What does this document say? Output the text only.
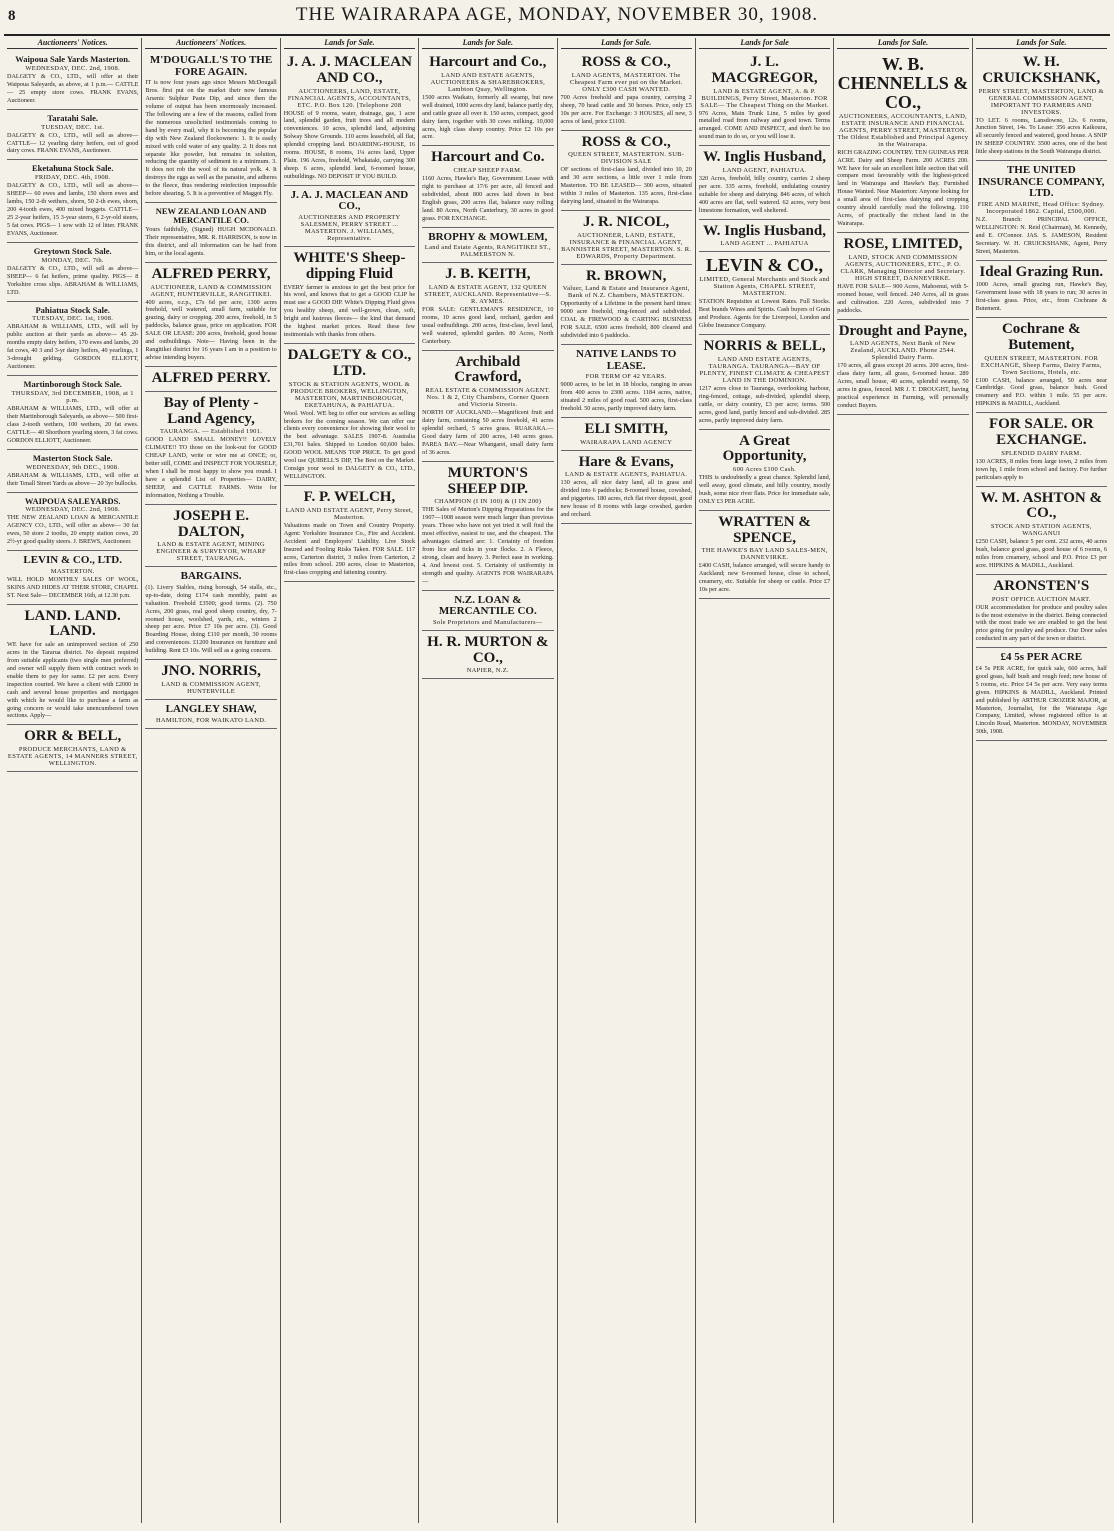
8	THE WAIRARAPA AGE, MONDAY, NOVEMBER 30, 1908.
Auctioneers' Notices.
Waipoua Sale Yards Masterton.
WEDNESDAY, DEC. 2nd, 1908.

DALGETY & CO., LTD., will offer at their Waipoua Saleyards, as above, at 1 p.m.— CATTLE— 25 empty store cows. FRANK EVANS, Auctioneer.

Taratahi Sale.
TUESDAY, DEC. 1st.

DALGETY & CO., LTD., will sell as above— CATTLE— 12 yearling dairy heifers, out of good dairy cows. FRANK EVANS, Auctioneer.

Eketahuna Stock Sale.
FRIDAY, DEC. 4th, 1908.

DALGETY & CO., LTD., will sell as above— SHEEP— 60 ewes and lambs, 150 shorn ewes and lambs, 150 2-th wethers, shorn, 50 2-th ewes, shorn, 200 4-tooth ewes, 400 mixed hoggets. CATTLE— 25 2-year heifers, 15 3-year steers, 6 2-yr-old steers, 5 fat cows. PIGS— 1 sow with 12 of litter. FRANK EVANS, Auctioneer.

Greytown Stock Sale.
MONDAY, DEC. 7th.

DALGETY & CO., LTD., will sell as above— SHEEP— 6 fat heifers, prime quality. PIGS— 8 Yorkshire cross slips. ABRAHAM & WILLIAMS, LTD.

Pahiatua Stock Sale.
TUESDAY, DEC. 1st, 1908.

ABRAHAM & WILLIAMS, LTD., will sell by public auction at their yards as above— 45 20-months empty dairy heifers, 170 ewes and lambs, 20 fat cows, 40 3 and 3-yr dairy heifers, 40 yearlings, 1 3-drought gelding. GORDON ELLIOTT, Auctioneer.

Martinborough Stock Sale.
THURSDAY, 3rd DECEMBER, 1908, at 1 p.m.

ABRAHAM & WILLIAMS, LTD., will offer at their Martinborough Saleyards, as above— 500 first-class 2-tooth wethers, 100 wethers, 20 fat ewes. CATTLE— 40 Shorthorn yearling steers, 3 fat cows. GORDON ELLIOTT, Auctioneer.

Masterton Stock Sale.
WEDNESDAY, 9th DEC., 1908.

ABRAHAM & WILLIAMS, LTD., will offer at their Tenall Street Yards as above— 20 3yr bullocks.

WAIPOUA SALEYARDS.
WEDNESDAY, DEC. 2nd, 1908.

THE NEW ZEALAND LOAN & MERCANTILE AGENCY CO., LTD., will offer as above— 30 fat ewes, 50 store 2 tooths, 20 empty station cows, 20 2½-yr good quality steers. J. BREWS, Auctioneer.

LEVIN & CO., LTD.
MASTERTON.

WILL HOLD MONTHLY SALES OF WOOL, SKINS AND HIDES AT THEIR STORE, CHAPEL ST. Next Sale— DECEMBER 16th, at 12.30 p.m.

LAND. LAND. LAND.

WE have for sale an unimproved section of 250 acres in the Tararua district. No deposit required from suitable applicants (two single men preferred) and owner will supply them with contract work to enable them to pay for same. £2 per acre. Every inspection courted. We have a client with £2000 in cash and several house properties and mortgages with which he would like to purchase a farm as going concern or would take unencumbered town sections. Apply—

ORR & BELL,
PRODUCE MERCHANTS, LAND & ESTATE AGENTS, 14 MANNERS STREET, WELLINGTON.
Auctioneers' Notices.
M'DOUGALL'S TO THE FORE AGAIN.

IT is now four years ago since Messrs McDougall Bros. first put on the market their now famous Arsenic Sulphur Paste Dip, and since then the volume of output has been enormously increased. The following are a few of the reasons, culled from the numerous unsolicited testimonials coming to hand by every mail, why it is becoming the popular dip with New Zealand flockowners: 1. It is easily mixed with cold water of any quality. 2. It does not separate like powder, but remains in solution, reducing the quantity of sediment to a minimum. 3. It does not rob the wool of its natural yolk. 4. It destroys the eggs as well as the parasite, and adheres to the fleece, thus rendering reinfection impossible before shearing. 5. It is a preventive of Maggot Fly.

NEW ZEALAND LOAN AND MERCANTILE CO.

Yours faithfully, (Signed) HUGH MCDONALD. Their representative, MR. R. HARRISON, is now in this district, and all information can be had from him, or the local agents.

ALFRED PERRY,
AUCTIONEER, LAND & COMMISSION AGENT, HUNTERVILLE, RANGITIKEI.

400 acres, o.r.p., £7s 6d per acre, 1300 acres freehold, well watered, small farm, suitable for grazing, dairy or cropping. 200 acres, freehold, in 5 paddocks, balance grass, price on application. FOR SALE OR LEASE: 200 acres, freehold, good house and outbuildings. Note— Having been in the Rangitikei district for 16 years I am in a position to advise intending buyers.

ALFRED PERRY.
Bay of Plenty - Land Agency,
TAURANGA. — Established 1901.

GOOD LAND! SMALL MONEY!! LOVELY CLIMATE!! TO those on the look-out for GOOD CHEAP LAND, write or wire me at ONCE; or, better still, COME and INSPECT FOR YOURSELF, when I shall be most happy to show you round. I have a splendid List of Properties— DAIRY, SHEEP, and CATTLE FARMS. Write for information, Nothing a Trouble.

JOSEPH E. DALTON,
LAND & ESTATE AGENT, MINING ENGINEER & SURVEYOR, WHARF STREET, TAURANGA.
BARGAINS.

(1). Livery Stables, rising borough, 54 stalls, etc., up-to-date, doing £174 cash monthly, paint as valuation. Freehold £3500; good terms. (2). 750 Acres, 200 grass, real good sheep country, dry, 7-roomed house, woolshed, yards, etc., winters 2 sheep per acre. Price £7 10s per acre. (3). Good Boarding House, doing £110 per month, 30 rooms and conveniences. £1200 Insurance on furniture and building. Rent £3 10s. Will sell as a going concern.

JNO. NORRIS,
LAND & COMMISSION AGENT, HUNTERVILLE
LANGLEY SHAW,
HAMILTON, FOR WAIKATO LAND.
Lands for Sale.
J. A. J. MACLEAN AND CO.,
AUCTIONEERS, LAND, ESTATE, FINANCIAL AGENTS, ACCOUNTANTS, ETC. P.O. Box 120. [Telephone 208

HOUSE of 9 rooms, water, drainage, gas, 1 acre land, splendid garden, fruit trees and all modern conveniences. 10 acres, splendid land, adjoining Solway Show Grounds. 110 acres leasehold, all flat, splendid cropping land. BOARDING-HOUSE, 16 rooms. HOUSE, 8 rooms, 1¼ acres land, Upper Plain. 196 Acres, freehold, Whakataki, carrying 300 sheep. 6 acres, splendid land, 6-roomed house, outbuildings. NO DEPOSIT IF YOU BUILD.

J. A. J. MACLEAN AND CO.,
AUCTIONEERS AND PROPERTY SALESMEN, PERRY STREET ... MASTERTON. J. WILLIAMS, Representative.
WHITE'S Sheep-dipping Fluid

EVERY farmer is anxious to get the best price for his wool, and knows that to get a GOOD CLIP he must use a GOOD DIP. White's Dipping Fluid gives you healthy sheep, and well-grown, clean, soft, bright and lustrous fleeces— the kind that demand the highest market prices. Read these few testimonials with thanks from others.

DALGETY & CO., LTD.
STOCK & STATION AGENTS, WOOL & PRODUCE BROKERS, WELLINGTON, MASTERTON, MARTINBOROUGH, EKETAHUNA, & PAHIATUA.

Wool. Wool. WE beg to offer our services as selling brokers for the coming season. We can offer our clients every convenience for showing their wool to the best advantage. SALES 1907-8. Australia £31,701 bales. Shipped to London 60,600 bales. GOOD WOOL MEANS TOP PRICE. To get good wool use QUIBELL'S DIP, The Best on the Market. Consign your wool to DALGETY & CO., LTD., WELLINGTON.

F. P. WELCH,
LAND AND ESTATE AGENT, Perry Street, Masterton.

Valuations made on Town and Country Property. Agent: Yorkshire Insurance Co., Fire and Accident. Accident and Employers' Liability. Live Stock Insured and Fooling Risks Taken. FOR SALE. 117 acres, Carterton district, 3 miles from Carterton, 2 miles from school. 290 acres, close to Masterton, first-class cropping and fattening country.

Lands for Sale.
Harcourt and Co.,
LAND AND ESTATE AGENTS, AUCTIONEERS & SHAREBROKERS, Lambton Quay, Wellington.

1500 acres Waikato, formerly all swamp, but now well drained, 1000 acres dry land, balance partly dry, and cattle graze all over it. 150 acres, compact, good dairy farm, together with 30 cows milking. 10,000 acres, high class sheep country. Price £2 10s per acre.

Harcourt and Co.
CHEAP SHEEP FARM.

1160 Acres, Hawke's Bay, Government Lease with right to purchase at 17/6 per acre, all fenced and subdivided, about 800 acres laid down in best English grass, 200 acres flat, balance easy rolling land. 80 Acres, North Canterbury, 30 acres in good grass. FOR EXCHANGE.

BROPHY & MOWLEM,
Land and Estate Agents, RANGITIKEI ST., PALMERSTON N.
J. B. KEITH,
LAND & ESTATE AGENT, 132 QUEEN STREET, AUCKLAND. Representative—S. R. AYMES.

FOR SALE: GENTLEMAN'S RESIDENCE, 10 rooms, 10 acres good land, orchard, garden and usual outbuildings. 200 acres, first-class, level land, well watered, splendid garden. 80 Acres, North Canterbury.

Archibald Crawford,
REAL ESTATE & COMMISSION AGENT. Nos. 1 & 2, City Chambers, Corner Queen and Victoria Streets.

NORTH OF AUCKLAND.—Magnificent fruit and dairy farm, containing 50 acres freehold, 41 acres splendid orchard, 5 acres grass. RUAKAKA.—Good dairy farm of 200 acres, 140 acres grass. PAREA BAY.—Near Whangarei, small dairy farm of 36 acres.

MURTON'S SHEEP DIP.
CHAMPION (I IN 100) & (I IN 200)

THE Sales of Murton's Dipping Preparations for the 1907—1908 season were much larger than previous years. Those who have not yet tried it will find the most effective, easiest to use, and the cheapest. The advantages claimed are: 1. Certainty of freedom from lice and ticks in your flocks. 2. A Fleece, strong, clean and heavy. 3. Perfect ease in working. 4. And lowest cost. 5. Certainty of uniformity in strength and quality. AGENTS FOR WAIRARAPA—

N.Z. LOAN & MERCANTILE CO.
Sole Proprietors and Manufacturers—
H. R. MURTON & CO.,
NAPIER, N.Z.
Lands for Sale.
ROSS & CO.,
LAND AGENTS, MASTERTON. The Cheapest Farm ever put on the Market. ONLY £300 CASH WANTED.

700 Acres freehold and papa country, carrying 2 sheep, 70 head cattle and 30 horses. Price, only £5 10s per acre. For Exchange: 3 HOUSES, all new, 3 acres of land, price £1100.

ROSS & CO.,
QUEEN STREET, MASTERTON. SUB-DIVISION SALE

OF sections of first-class land, divided into 10, 20 and 30 acre sections, a little over 1 mile from Masterton. TO BE LEASED— 300 acres, situated within 3 miles of Masterton. 135 acres, first-class dairying land, situated in the Wairarapa.

J. R. NICOL,
AUCTIONEER, LAND, ESTATE, INSURANCE & FINANCIAL AGENT, BANNISTER STREET, MASTERTON. S. R. EDWARDS, Property Department.
R. BROWN,
Valuer, Land & Estate and Insurance Agent, Bank of N.Z. Chambers, MASTERTON.

Opportunity of a Lifetime in the present hard times: 9000 acre freehold, ring-fenced and subdivided. COAL & FIREWOOD & CARTING BUSINESS FOR SALE. 6500 acres freehold, 800 cleared and subdivided into 6 paddocks.

NATIVE LANDS TO LEASE.
FOR TERM OF 42 YEARS.

9000 acres, to be let in 18 blocks, ranging in areas from 400 acres to 2300 acres. 1184 acres, native, situated 2 miles of good road. 500 acres, first-class freehold. 50 acres, partly improved dairy farm.

ELI SMITH,
WAIRARAPA LAND AGENCY
Hare & Evans,
LAND & ESTATE AGENTS, PAHIATUA.

130 acres, all nice dairy land, all in grass and divided into 6 paddocks; 8-roomed house, cowshed, and piggeries. 180 acres, rich flat river deposit, good new house of 8 rooms with large cowshed, garden and orchard.

Lands for Sale
J. L. MACGREGOR,
LAND & ESTATE AGENT, A. & P. BUILDINGS, Perry Street, Masterton. FOR SALE— The Cheapest Thing on the Market.

976 Acres, Main Trunk Line, 5 miles by good metalled road from railway and good town. Terms arranged. COME AND INSPECT, and don't be too sound man to do so, or you will lose it.

W. Inglis Husband,
LAND AGENT, PAHIATUA.

320 Acres, freehold, hilly country, carries 2 sheep per acre. 335 acres, freehold, undulating country suitable for sheep and dairying. 846 acres, of which 400 acres are flat, well watered. 62 acres, very best limestone formation, well sheltered.

W. Inglis Husband,
LAND AGENT ... PAHIATUA
LEVIN & CO.,
LIMITED, General Merchants and Stock and Station Agents, CHAPEL STREET, MASTERTON.

STATION Requisites at Lowest Rates. Full Stocks. Best brands Wines and Spirits. Cash buyers of Grain and Produce. Agents for the Liverpool, London and Globe Insurance Company.

NORRIS & BELL,
LAND AND ESTATE AGENTS, TAURANGA. TAURANGA—BAY OF PLENTY, FINEST CLIMATE & CHEAPEST LAND IN THE DOMINION.

1217 acres close to Tauranga, overlooking harbour, ring-fenced, cottage, sub-divided, splendid sheep, cattle, or dairy country, £3 per acre; terms. 500 acres, good land, partly fenced and sub-divided. 285 acres, partly improved dairy farm.

A Great Opportunity,
600 Acres £100 Cash.

THIS is undoubtedly a great chance. Splendid land, well away, good climate, and hilly country, mostly bush, some nice river flats. Price for immediate sale, ONLY £3 PER ACRE.

WRATTEN & SPENCE,
THE HAWKE'S BAY LAND SALES-MEN, DANNEVIRKE.

£400 CASH, balance arranged, will secure handy to Auckland; new 6-roomed house, close to school, creamery, etc. Suitable for sheep or cattle. Price £7 10s per acre.

Lands for Sale.
W. B. CHENNELLS & CO.,
AUCTIONEERS, ACCOUNTANTS, LAND, ESTATE INSURANCE AND FINANCIAL AGENTS, PERRY STREET, MASTERTON. The Oldest Established and Principal Agency in the Wairarapa.

RICH GRAZING COUNTRY. TEN GUINEAS PER ACRE. Dairy and Sheep Farm. 200 ACRES 200. WE have for sale an excellent little section that will compare most favourably with the highest-priced land in Wairarapa and Hawke's Bay. Furnished House Wanted. Near Masterton: Anyone looking for a small area of first-class dairying and cropping country should carefully read the following. 110 Acres, of practically the richest land in the Wairarapa.

ROSE, LIMITED,
LAND, STOCK AND COMMISSION AGENTS, AUCTIONEERS, ETC., P. O. CLARK, Managing Director and Secretary. HIGH STREET, DANNEVIRKE.

HAVE FOR SALE— 900 Acres, Mahoenui, with 5-roomed house, well fenced. 240 Acres, all in grass and cultivation. 220 Acres, subdivided into 7 paddocks.

Drought and Payne,
LAND AGENTS, Next Bank of New Zealand, AUCKLAND. Phone 2544. Splendid Dairy Farm.

170 acres, all grass except 20 acres. 200 acres, first-class dairy farm, all grass, 6-roomed house. 289 Acres, small house, 40 acres, splendid swamp, 50 acres in grass, fenced. MR J. T. DROUGHT, having practical experience in Farming, will personally conduct Buyers.

Lands for Sale.
W. H. CRUICKSHANK,
PERRY STREET, MASTERTON, LAND & GENERAL COMMISSION AGENT, IMPORTANT TO FARMERS AND INVESTORS.

TO LET. 6 rooms, Lansdowne, 12s. 6 rooms, Junction Street, 14s. To Lease: 356 acres Kaikoura, all securely fenced and watered, good house. A SNIP IN SHEEP COUNTRY. 3500 acres, one of the best little sheep stations in the South Wairarapa district.

THE UNITED INSURANCE COMPANY, LTD.
FIRE AND MARINE, Head Office: Sydney. Incorporated 1862. Capital, £500,000.

N.Z. Branch: PRINCIPAL OFFICE, WELLINGTON: N. Reid (Chairman), M. Kennedy, and E. O'Connor. JAS. S. JAMESON, Resident Secretary. W. H. CRUICKSHANK, Agent, Perry Street, Masterton.

Ideal Grazing Run.

1000 Acres, small grazing run, Hawke's Bay, Government lease with 18 years to run; 30 acres in first-class grass. Price, etc., from Cochrane & Butement.

Cochrane & Butement,
QUEEN STREET, MASTERTON. FOR EXCHANGE, Sheep Farms, Dairy Farms, Town Sections, Hotels, etc.

£100 CASH, balance arranged, 50 acres near Cambridge. Good grass, balance bush. Good creamery and P.O. within 1 mile. 55 per acre. HIPKINS & MADILL, Auckland.

FOR SALE. OR EXCHANGE.
SPLENDID DAIRY FARM.

130 ACRES, 8 miles from large town, 2 miles from town hp, 1 mile from school and factory. For further particulars apply to

W. M. ASHTON & CO.,
STOCK AND STATION AGENTS, WANGANUI

£250 CASH, balance 5 per cent. 232 acres, 40 acres bush, balance good grass, good house of 6 rooms, 6 miles from creamery, school and P.O. Price £3 per acre. HIPKINS & MADILL, Auckland.

ARONSTEN'S
POST OFFICE AUCTION MART.

OUR accommodation for produce and poultry sales is the most extensive in the district. Being connected with the most trade we are enabled to get the best price going for poultry and produce. Our Door sales conducted in any part of the town or district.

£4 5s PER ACRE

£4 5s PER ACRE, for quick sale, 660 acres, half good grass, half bush and rough feed; new house of 5 rooms, etc. Price £4 5s per acre. Very easy terms given. HIPKINS & MADILL, Auckland. Printed and published by ARTHUR CROZIER MAJOR, at Masterton, Journalist, for the Wairarapa Age Company, Limited, whose registered office is at Lincoln Road, Masterton. MONDAY, NOVEMBER 30th, 1908.
